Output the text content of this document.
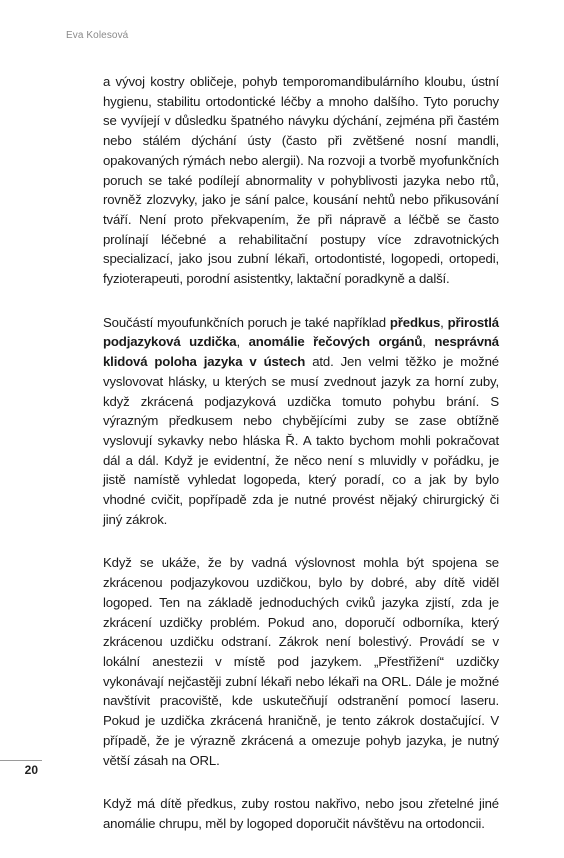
Eva Kolesová

a vývoj kostry obličeje, pohyb temporomandibulárního kloubu, ústní hygienu, stabilitu ortodontické léčby a mnoho dalšího. Tyto poruchy se vyvíjejí v důsledku špatného návyku dýchání, zejména při častém nebo stálém dýchání ústy (často při zvětšené nosní mandli, opakovaných rýmách nebo alergii). Na rozvoji a tvorbě myofunkčních poruch se také podílejí abnormality v pohyblivosti jazyka nebo rtů, rovněž zlozvyky, jako je sání palce, kousání nehtů nebo přikusování tváří. Není proto překvapením, že při nápravě a léčbě se často prolínají léčebné a rehabilitační postupy více zdravotnických specializací, jako jsou zubní lékaři, ortodontisté, logopedi, ortopedi, fyzioterapeuti, porodní asistentky, laktační poradkyně a další.

Součástí myoufunkčních poruch je také například předkus, přirostlá podjazyková uzdička, anomálie řečových orgánů, nesprávná klidová poloha jazyka v ústech atd. Jen velmi těžko je možné vyslovovat hlásky, u kterých se musí zvednout jazyk za horní zuby, když zkrácená podjazyková uzdička tomuto pohybu brání. S výrazným předkusem nebo chybějícími zuby se zase obtížně vyslovují sykavky nebo hláska Ř. A takto bychom mohli pokračovat dál a dál. Když je evidentní, že něco není s mluvidly v pořádku, je jistě namístě vyhledat logopeda, který poradí, co a jak by bylo vhodné cvičit, popřípadě zda je nutné provést nějaký chirurgický či jiný zákrok.

Když se ukáže, že by vadná výslovnost mohla být spojena se zkrácenou podjazykovou uzdičkou, bylo by dobré, aby dítě viděl logoped. Ten na základě jednoduchých cviků jazyka zjistí, zda je zkrácení uzdičky problém. Pokud ano, doporučí odborníka, který zkrácenou uzdičku odstraní. Zákrok není bolestivý. Provádí se v lokální anestezii v místě pod jazykem. „Přestřižení“ uzdičky vykonávají nejčastěji zubní lékaři nebo lékaři na ORL. Dále je možné navštívit pracoviště, kde uskutečňují odstranění pomocí laseru. Pokud je uzdička zkrácená hraničně, je tento zákrok dostačující. V případě, že je výrazně zkrácená a omezuje pohyb jazyka, je nutný větší zásah na ORL.

Když má dítě předkus, zuby rostou nakřivo, nebo jsou zřetelné jiné anomálie chrupu, měl by logoped doporučit návštěvu na ortodoncii.

20
